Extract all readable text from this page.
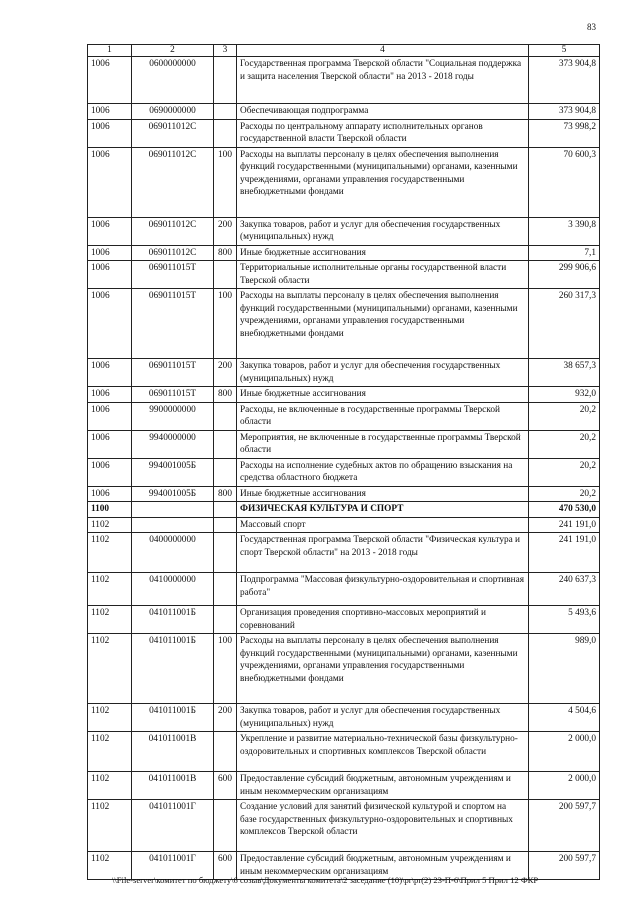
83
1	2	3	4	5
1006	0600000000		Государственная программа Тверской области "Социальная поддержка и защита населения Тверской области" на 2013 - 2018 годы	373 904,8
1006	0690000000		Обеспечивающая подпрограмма	373 904,8
1006	069011012С		Расходы по центральному аппарату исполнительных органов государственной власти Тверской области	73 998,2
1006	069011012С	100	Расходы на выплаты персоналу в целях обеспечения выполнения функций государственными (муниципальными) органами, казенными учреждениями, органами управления государственными внебюджетными фондами	70 600,3
1006	069011012С	200	Закупка товаров, работ и услуг для обеспечения государственных (муниципальных) нужд	3 390,8
1006	069011012С	800	Иные бюджетные ассигнования	7,1
1006	069011015Т		Территориальные исполнительные органы государственной власти Тверской области	299 906,6
1006	069011015Т	100	Расходы на выплаты персоналу в целях обеспечения выполнения функций государственными (муниципальными) органами, казенными учреждениями, органами управления государственными внебюджетными фондами	260 317,3
1006	069011015Т	200	Закупка товаров, работ и услуг для обеспечения государственных (муниципальных) нужд	38 657,3
1006	069011015Т	800	Иные бюджетные ассигнования	932,0
1006	9900000000		Расходы, не включенные в государственные программы Тверской области	20,2
1006	9940000000		Мероприятия, не включенные в государственные программы Тверской области	20,2
1006	994001005Б		Расходы на исполнение судебных актов по обращению взыскания на средства областного бюджета	20,2
1006	994001005Б	800	Иные бюджетные ассигнования	20,2
1100			ФИЗИЧЕСКАЯ КУЛЬТУРА И СПОРТ	470 530,0
1102			Массовый спорт	241 191,0
1102	0400000000		Государственная программа Тверской области "Физическая культура и спорт Тверской области" на 2013 - 2018 годы	241 191,0
1102	0410000000		Подпрограмма "Массовая физкультурно-оздоровительная и спортивная работа"	240 637,3
1102	041011001Б		Организация проведения спортивно-массовых мероприятий и соревнований	5 493,6
1102	041011001Б	100	Расходы на выплаты персоналу в целях обеспечения выполнения функций государственными (муниципальными) органами, казенными учреждениями, органами управления государственными внебюджетными фондами	989,0
1102	041011001Б	200	Закупка товаров, работ и услуг для обеспечения государственных (муниципальных) нужд	4 504,6
1102	041011001В		Укрепление и развитие материально-технической базы физкультурно-оздоровительных и спортивных комплексов Тверской области	2 000,0
1102	041011001В	600	Предоставление субсидий бюджетным, автономным учреждениям и иным некоммерческим организациям	2 000,0
1102	041011001Г		Создание условий для занятий физической культурой и спортом на базе государственных физкультурно-оздоровительных и спортивных комплексов Тверской области	200 597,7
1102	041011001Г	600	Предоставление субсидий бюджетным, автономным учреждениям и иным некоммерческим организациям	200 597,7
\\File-server\комитет по бюджету\6 созыв\Документы комитета\2 заседание (10)\pr\pr(2) 23-П-6\Прил 5 Прил 12 ФКР
